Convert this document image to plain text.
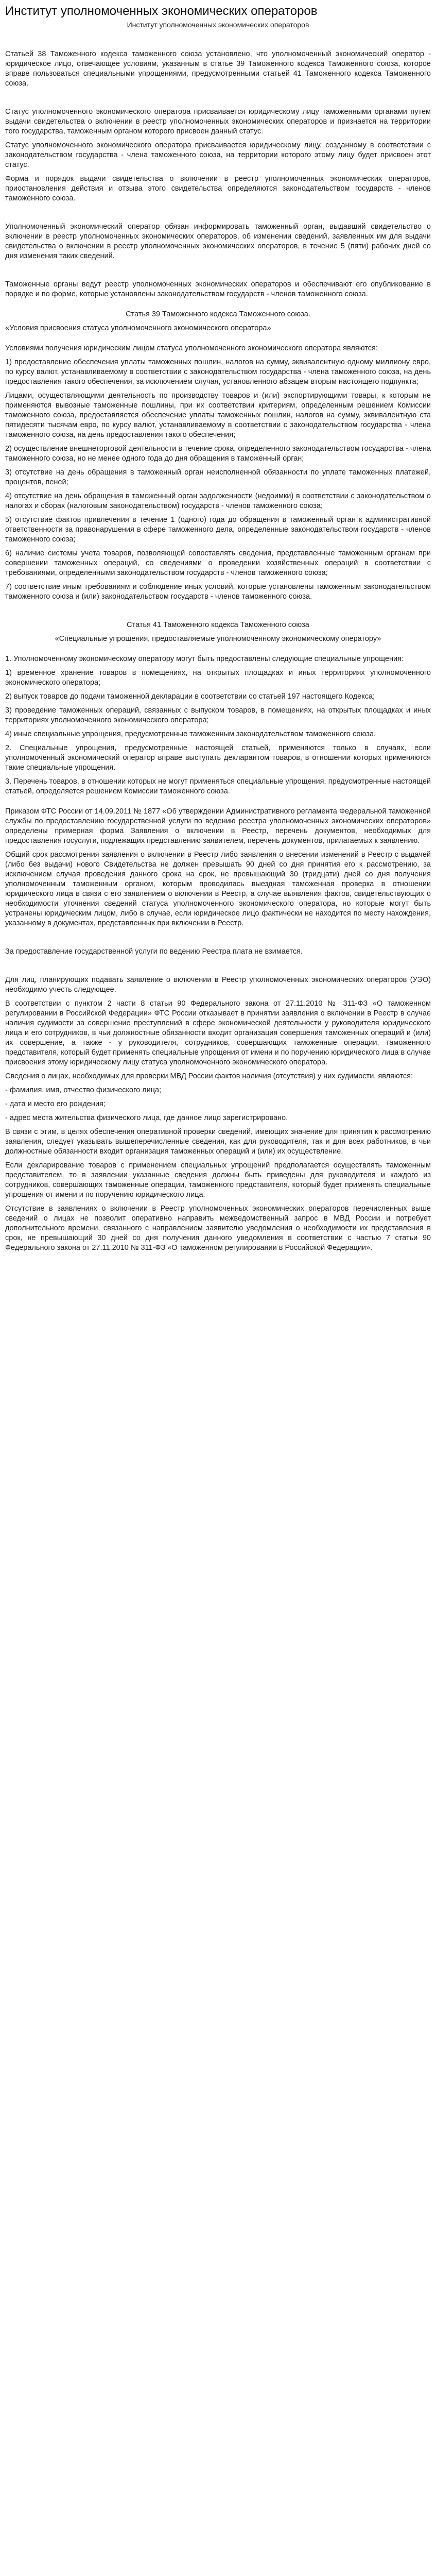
Институт уполномоченных экономических операторов
Институт уполномоченных экономических операторов

Статьей 38 Таможенного кодекса таможенного союза установлено, что уполномоченный экономический оператор - юридическое лицо, отвечающее условиям, указанным в статье 39 Таможенного кодекса Таможенного союза, которое вправе пользоваться специальными упрощениями, предусмотренными статьей 41 Таможенного кодекса Таможенного союза.

Статус уполномоченного экономического оператора присваивается юридическому лицу таможенными органами путем выдачи свидетельства о включении в реестр уполномоченных экономических операторов и признается на территории того государства, таможенным органом которого присвоен данный статус.

Статус уполномоченного экономического оператора присваивается юридическому лицу, созданному в соответствии с законодательством государства - члена таможенного союза, на территории которого этому лицу будет присвоен этот статус.

Форма и порядок выдачи свидетельства о включении в реестр уполномоченных экономических операторов, приостановления действия и отзыва этого свидетельства определяются законодательством государств - членов таможенного союза.

Уполномоченный экономический оператор обязан информировать таможенный орган, выдавший свидетельство о включении в реестр уполномоченных экономических операторов, об изменении сведений, заявленных им для выдачи свидетельства о включении в реестр уполномоченных экономических операторов, в течение 5 (пяти) рабочих дней со дня изменения таких сведений.

Таможенные органы ведут реестр уполномоченных экономических операторов и обеспечивают его опубликование в порядке и по форме, которые установлены законодательством государств - членов таможенного союза.

Статья 39 Таможенного кодекса Таможенного союза.

«Условия присвоения статуса уполномоченного экономического оператора»

Условиями получения юридическим лицом статуса уполномоченного экономического оператора являются:

1) предоставление обеспечения уплаты таможенных пошлин, налогов на сумму, эквивалентную одному миллиону евро, по курсу валют, устанавливаемому в соответствии с законодательством государства - члена таможенного союза, на день предоставления такого обеспечения, за исключением случая, установленного абзацем вторым настоящего подпункта;

Лицами, осуществляющими деятельность по производству товаров и (или) экспортирующими товары, к которым не применяются вывозные таможенные пошлины, при их соответствии критериям, определенным решением Комиссии таможенного союза, предоставляется обеспечение уплаты таможенных пошлин, налогов на сумму, эквивалентную ста пятидесяти тысячам евро, по курсу валют, устанавливаемому в соответствии с законодательством государства - члена таможенного союза, на день предоставления такого обеспечения;

2) осуществление внешнеторговой деятельности в течение срока, определенного законодательством государства - члена таможенного союза, но не менее одного года до дня обращения в таможенный орган;

3) отсутствие на день обращения в таможенный орган неисполненной обязанности по уплате таможенных платежей, процентов, пеней;

4) отсутствие на день обращения в таможенный орган задолженности (недоимки) в соответствии с законодательством о налогах и сборах (налоговым законодательством) государств - членов таможенного союза;

5) отсутствие фактов привлечения в течение 1 (одного) года до обращения в таможенный орган к административной ответственности за правонарушения в сфере таможенного дела, определенные законодательством государств - членов таможенного союза;

6) наличие системы учета товаров, позволяющей сопоставлять сведения, представленные таможенным органам при совершении таможенных операций, со сведениями о проведении хозяйственных операций в соответствии с требованиями, определенными законодательством государств - членов таможенного союза;

7) соответствие иным требованиям и соблюдение иных условий, которые установлены таможенным законодательством таможенного союза и (или) законодательством государств - членов таможенного союза.

Статья 41 Таможенного кодекса Таможенного союза

«Специальные упрощения, предоставляемые уполномоченному экономическому оператору»

1. Уполномоченному экономическому оператору могут быть предоставлены следующие специальные упрощения:

1) временное хранение товаров в помещениях, на открытых площадках и иных территориях уполномоченного экономического оператора;

2) выпуск товаров до подачи таможенной декларации в соответствии со статьей 197 настоящего Кодекса;

3) проведение таможенных операций, связанных с выпуском товаров, в помещениях, на открытых площадках и иных территориях уполномоченного экономического оператора;

4) иные специальные упрощения, предусмотренные таможенным законодательством таможенного союза.

2. Специальные упрощения, предусмотренные настоящей статьей, применяются только в случаях, если уполномоченный экономический оператор вправе выступать декларантом товаров, в отношении которых применяются такие специальные упрощения.

3. Перечень товаров, в отношении которых не могут применяться специальные упрощения, предусмотренные настоящей статьей, определяется решением Комиссии таможенного союза.

Приказом ФТС России от 14.09.2011 № 1877 «Об утверждении Административного регламента Федеральной таможенной службы по предоставлению государственной услуги по ведению реестра уполномоченных экономических операторов» определены примерная форма Заявления о включении в Реестр, перечень документов, необходимых для предоставления госуслуги, подлежащих представлению заявителем, перечень документов, прилагаемых к заявлению.

Общий срок рассмотрения заявления о включении в Реестр либо заявления о внесении изменений в Реестр с выдачей (либо без выдачи) нового Свидетельства не должен превышать 90 дней со дня принятия его к рассмотрению, за исключением случая проведения данного срока на срок, не превышающий 30 (тридцати) дней со дня получения уполномоченным таможенным органом, которым проводилась выездная таможенная проверка в отношении юридического лица в связи с его заявлением о включении в Реестр, а случае выявления фактов, свидетельствующих о необходимости уточнения сведений статуса уполномоченного экономического оператора, но которые могут быть устранены юридическим лицом, либо в случае, если юридическое лицо фактически не находится по месту нахождения, указанному в документах, представленных при включении в Реестр.

За предоставление государственной услуги по ведению Реестра плата не взимается.

Для лиц, планирующих подавать заявление о включении в Реестр уполномоченных экономических операторов (УЭО) необходимо учесть следующее.

В соответствии с пунктом 2 части 8 статьи 90 Федерального закона от 27.11.2010 № 311-ФЗ «О таможенном регулировании в Российской Федерации» ФТС России отказывает в принятии заявления о включении в Реестр в случае наличия судимости за совершение преступлений в сфере экономической деятельности у руководителя юридического лица и его сотрудников, в чьи должностные обязанности входит организация совершения таможенных операций и (или) их совершение, а также - у руководителя, сотрудников, совершающих таможенные операции, таможенного представителя, который будет применять специальные упрощения от имени и по поручению юридического лица в случае присвоения этому юридическому лицу статуса уполномоченного экономического оператора.

Сведения о лицах, необходимых для проверки МВД России фактов наличия (отсутствия) у них судимости, являются:

- фамилия, имя, отчество физического лица;

- дата и место его рождения;

- адрес места жительства физического лица, где данное лицо зарегистрировано.

В связи с этим, в целях обеспечения оперативной проверки сведений, имеющих значение для принятия к рассмотрению заявления, следует указывать вышеперечисленные сведения, как для руководителя, так и для всех работников, в чьи должностные обязанности входит организация таможенных операций и (или) их осуществление.

Если декларирование товаров с применением специальных упрощений предполагается осуществлять таможенным представителем, то в заявлении указанные сведения должны быть приведены для руководителя и каждого из сотрудников, совершающих таможенные операции, таможенного представителя, который будет применять специальные упрощения от имени и по поручению юридического лица.

Отсутствие в заявлениях о включении в Реестр уполномоченных экономических операторов перечисленных выше сведений о лицах не позволит оперативно направить межведомственный запрос в МВД России и потребует дополнительного времени, связанного с направлением заявителю уведомления о необходимости их представления в срок, не превышающий 30 дней со дня получения данного уведомления в соответствии с частью 7 статьи 90 Федерального закона от 27.11.2010 № 311-ФЗ «О таможенном регулировании в Российской Федерации».
